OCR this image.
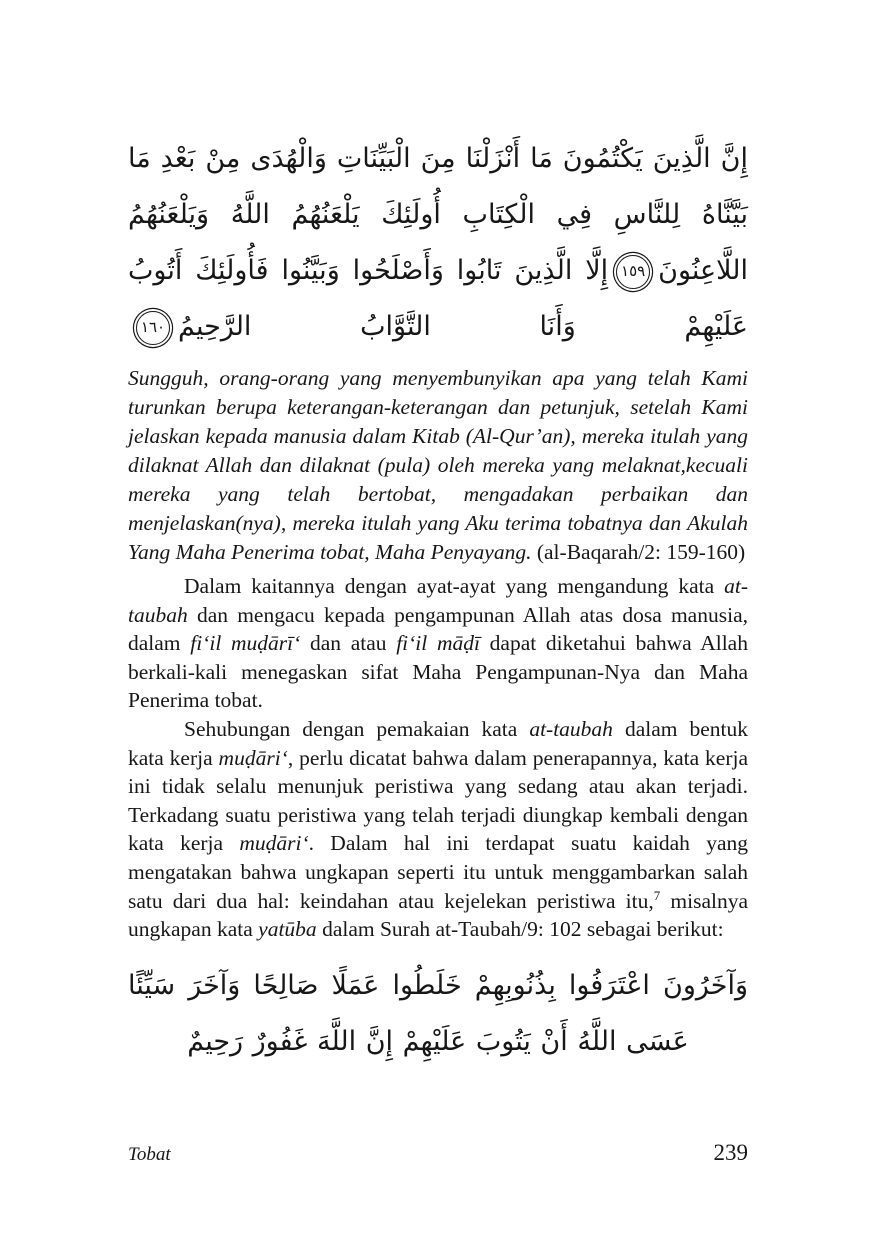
إِنَّ الَّذِينَ يَكْتُمُونَ مَا أَنْزَلْنَا مِنَ الْبَيِّنَاتِ وَالْهُدَى مِنْ بَعْدِ مَا بَيَّنَّاهُ لِلنَّاسِ فِي الْكِتَابِ أُولَئِكَ يَلْعَنُهُمُ اللَّهُ وَيَلْعَنُهُمُ اللَّاعِنُونَ
١٥٩
إِلَّا الَّذِينَ تَابُوا وَأَصْلَحُوا وَبَيَّنُوا فَأُولَئِكَ أَتُوبُ عَلَيْهِمْ وَأَنَا التَّوَّابُ الرَّحِيمُ
١٦٠

Sungguh, orang-orang yang menyembunyikan apa yang telah Kami turunkan berupa keterangan-keterangan dan petunjuk, setelah Kami jelaskan kepada manusia dalam Kitab (Al-Qur’an), mereka itulah yang dilaknat Allah dan dilaknat (pula) oleh mereka yang melaknat,kecuali mereka yang telah bertobat, mengadakan perbaikan dan menjelaskan(nya), mereka itulah yang Aku terima tobatnya dan Akulah Yang Maha Penerima tobat, Maha Penyayang. (al-Baqarah/2: 159-160)

Dalam kaitannya dengan ayat-ayat yang mengandung kata at-taubah dan mengacu kepada pengampunan Allah atas dosa manusia, dalam fi‘il muḍārī‘ dan atau fi‘il māḍī dapat diketahui bahwa Allah berkali-kali menegaskan sifat Maha Pengampunan-Nya dan Maha Penerima tobat.

Sehubungan dengan pemakaian kata at-taubah dalam bentuk kata kerja muḍāri‘, perlu dicatat bahwa dalam penerapannya, kata kerja ini tidak selalu menunjuk peristiwa yang sedang atau akan terjadi. Terkadang suatu peristiwa yang telah terjadi diungkap kembali dengan kata kerja muḍāri‘. Dalam hal ini terdapat suatu kaidah yang mengatakan bahwa ungkapan seperti itu untuk menggambarkan salah satu dari dua hal: keindahan atau kejelekan peristiwa itu,$^7$ misalnya ungkapan kata yatūba dalam Surah at-Taubah/9: 102 sebagai berikut:

وَآخَرُونَ اعْتَرَفُوا بِذُنُوبِهِمْ خَلَطُوا عَمَلًا صَالِحًا وَآخَرَ سَيِّئًا عَسَى اللَّهُ أَنْ يَتُوبَ عَلَيْهِمْ إِنَّ اللَّهَ غَفُورٌ رَحِيمٌ

Tobat	239
